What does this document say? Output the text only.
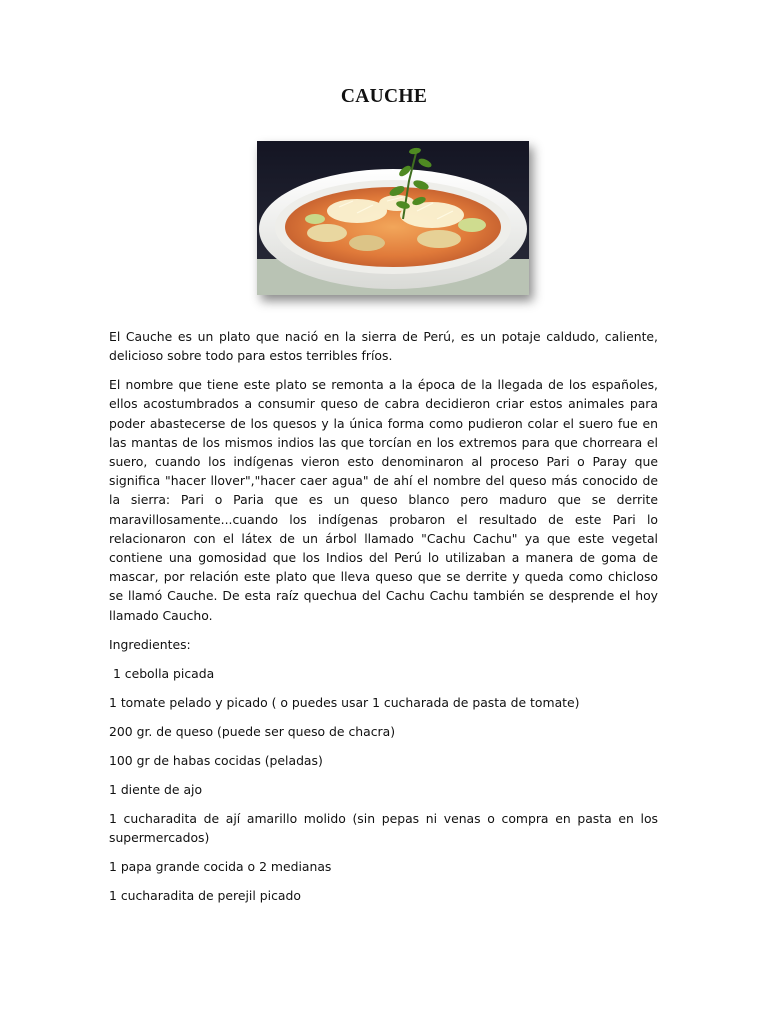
CAUCHE

El Cauche es un plato que nació en la sierra de Perú, es un potaje caldudo, caliente, delicioso sobre todo para estos terribles fríos.

El nombre que tiene este plato se remonta a la época de la llegada de los españoles, ellos acostumbrados a consumir queso de cabra decidieron criar estos animales para poder abastecerse de los quesos y la única forma como pudieron colar el suero fue en las mantas de los mismos indios las que torcían en los extremos para que chorreara el suero, cuando los indígenas vieron esto denominaron al proceso Pari o Paray que significa "hacer llover","hacer caer agua" de ahí el nombre del queso más conocido de la sierra: Pari o Paria que es un queso blanco pero maduro que se derrite maravillosamente...cuando los indígenas probaron el resultado de este Pari lo relacionaron con el látex de un árbol llamado "Cachu Cachu" ya que este vegetal contiene una gomosidad que los Indios del Perú lo utilizaban a manera de goma de mascar, por relación este plato que lleva queso que se derrite y queda como chicloso se llamó Cauche. De esta raíz quechua del Cachu Cachu también se desprende el hoy llamado Caucho.

Ingredientes:

1 cebolla picada

1 tomate pelado y picado ( o puedes usar 1 cucharada de pasta de tomate)

200 gr. de queso (puede ser queso de chacra)

100 gr de habas cocidas (peladas)

1 diente de ajo

1 cucharadita de ají amarillo molido (sin pepas ni venas o compra en pasta en los supermercados)

1 papa grande cocida o 2 medianas

1 cucharadita de perejil picado
